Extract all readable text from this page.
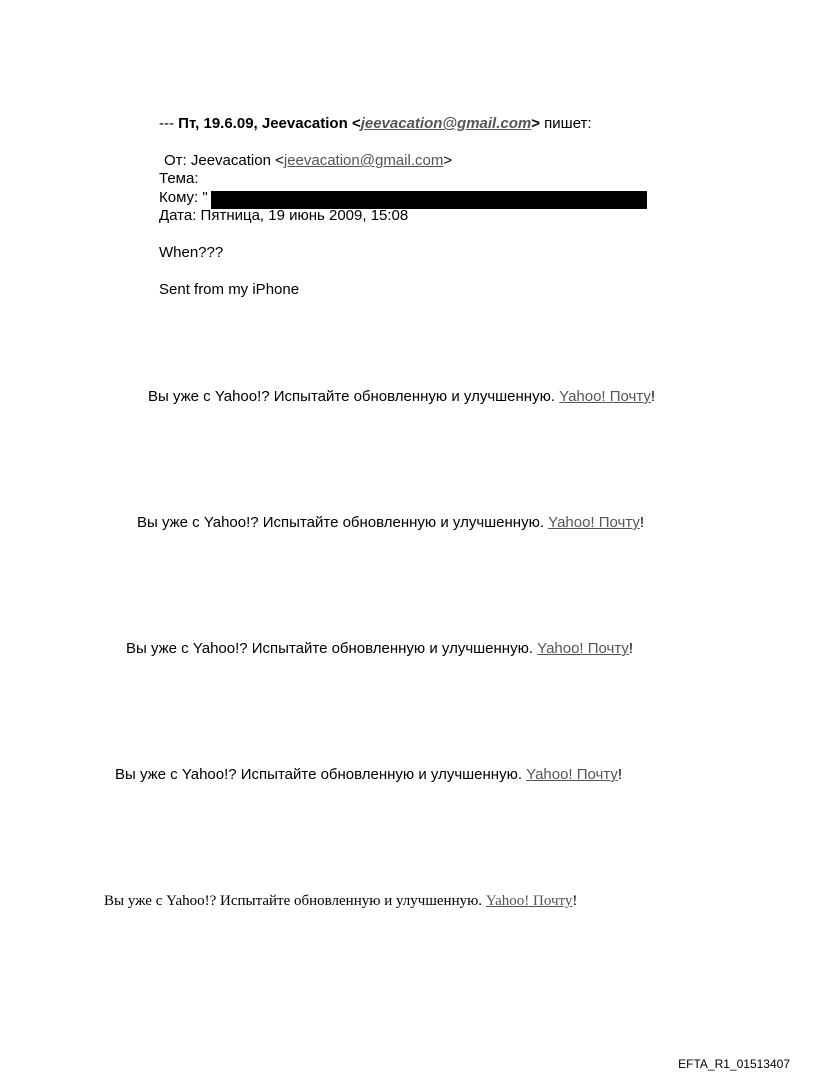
--- Пт, 19.6.09, Jeevacation <jeevacation@gmail.com> пишет:
От: Jeevacation <jeevacation@gmail.com>
Тема:
Кому: "
Дата: Пятница, 19 июнь 2009, 15:08
When???
Sent from my iPhone
Вы уже с Yahoo!? Испытайте обновленную и улучшенную. Yahoo! Почту!
Вы уже с Yahoo!? Испытайте обновленную и улучшенную. Yahoo! Почту!
Вы уже с Yahoo!? Испытайте обновленную и улучшенную. Yahoo! Почту!
Вы уже с Yahoo!? Испытайте обновленную и улучшенную. Yahoo! Почту!
Вы уже с Yahoo!? Испытайте обновленную и улучшенную. Yahoo! Почту!
EFTA_R1_01513407
